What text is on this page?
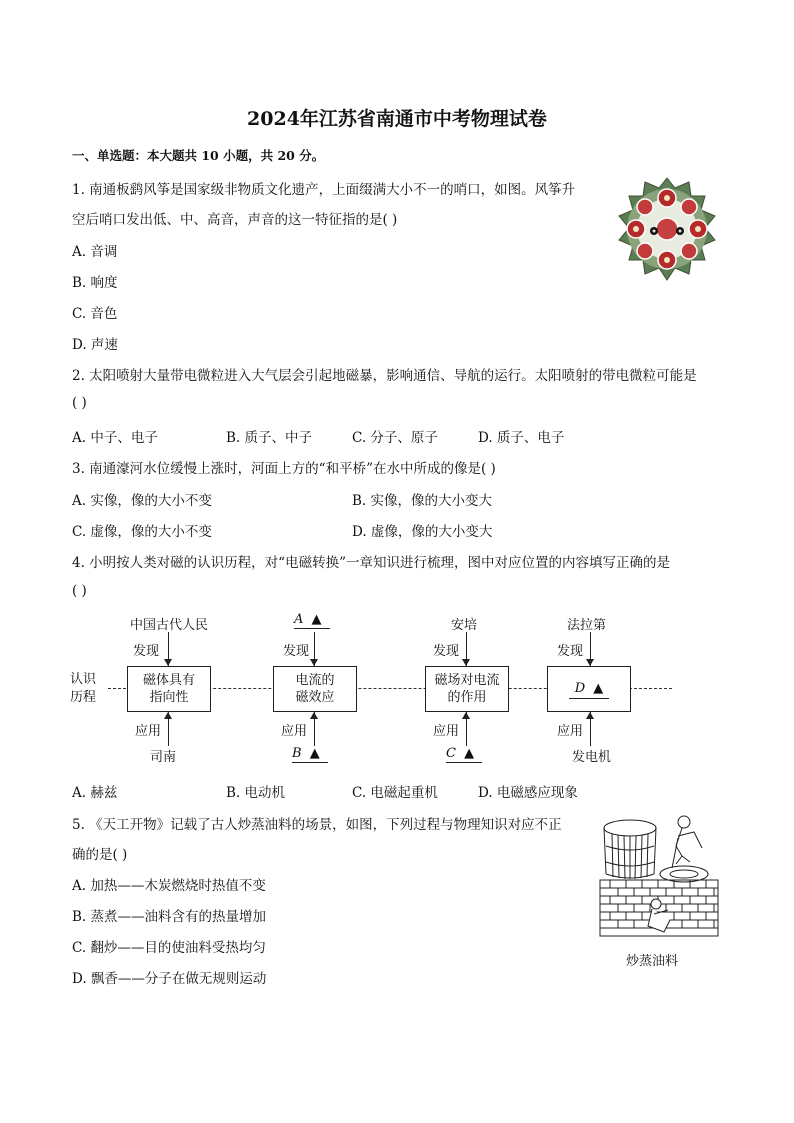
2024年江苏省南通市中考物理试卷
一、单选题：本大题共 10 小题，共 20 分。
1. 南通板鹞风筝是国家级非物质文化遗产，上面缀满大小不一的哨口，如图。风筝升
空后哨口发出低、中、高音，声音的这一特征指的是( )
A. 音调
B. 响度
C. 音色
D. 声速
2. 太阳喷射大量带电微粒进入大气层会引起地磁暴，影响通信、导航的运行。太阳喷射的带电微粒可能是
( )
A. 中子、电子	B. 质子、中子	C. 分子、原子	D. 质子、电子
3. 南通濠河水位缓慢上涨时，河面上方的“和平桥”在水中所成的像是( )
A. 实像，像的大小不变	B. 实像，像的大小变大
C. 虚像，像的大小不变	D. 虚像，像的大小变大
4. 小明按人类对磁的认识历程，对“电磁转换”一章知识进行梳理，图中对应位置的内容填写正确的是
( )
认识
历程
中国古代人民	A ▲	安培	法拉第
发现	发现	发现	发现
磁体具有指向性
电流的磁效应
磁场对电流的作用
D ▲
应用	应用	应用	应用
司南	B ▲	C ▲	发电机
A. 赫兹	B. 电动机	C. 电磁起重机	D. 电磁感应现象
5. 《天工开物》记载了古人炒蒸油料的场景，如图，下列过程与物理知识对应不正
确的是( )
A. 加热——木炭燃烧时热值不变
B. 蒸煮——油料含有的热量增加
C. 翻炒——目的使油料受热均匀
D. 飘香——分子在做无规则运动
炒蒸油料
